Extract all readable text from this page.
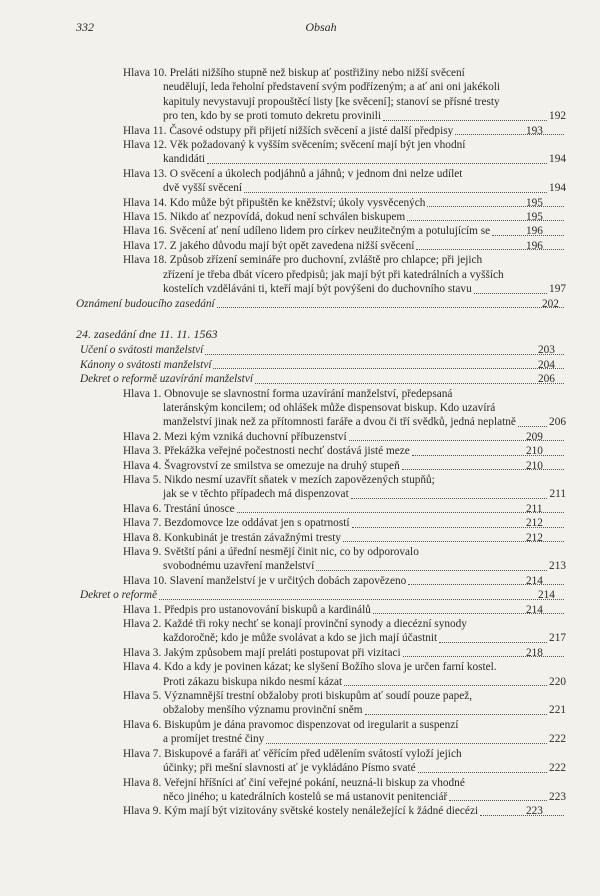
332	Obsah
Hlava 10. Preláti nižšího stupně než biskup ať postřižiny nebo nižší svěcení
neudělují, leda řeholní představení svým podřízeným; a ať ani oni jakékoli
kapituly nevystavují propouštěcí listy [ke svěcení]; stanoví se přísné tresty
pro ten, kdo by se proti tomuto dekretu provinili	192
Hlava 11. Časové odstupy při přijetí nižších svěcení a jisté další předpisy	193
Hlava 12. Věk požadovaný k vyšším svěcením; svěcení mají být jen vhodní
kandidáti	194
Hlava 13. O svěcení a úkolech podjáhnů a jáhnů; v jednom dni nelze udílet
dvě vyšší svěcení	194
Hlava 14. Kdo může být připuštěn ke kněžství; úkoly vysvěcených	195
Hlava 15. Nikdo ať nezpovídá, dokud není schválen biskupem	195
Hlava 16. Svěcení ať není udíleno lidem pro církev neužitečným a potulujícím se	196
Hlava 17. Z jakého důvodu mají být opět zavedena nižší svěcení	196
Hlava 18. Způsob zřízení semináře pro duchovní, zvláště pro chlapce; při jejich
zřízení je třeba dbát vícero předpisů; jak mají být při katedrálních a vyšších
kostelích vzděláváni ti, kteří mají být povýšeni do duchovního stavu	197
Oznámení budoucího zasedání	202
24. zasedání dne 11. 11. 1563
Učení o svátosti manželství	203
Kánony o svátosti manželství	204
Dekret o reformě uzavírání manželství	206
Hlava 1. Obnovuje se slavnostní forma uzavírání manželství, předepsaná
lateránským koncilem; od ohlášek může dispensovat biskup. Kdo uzavírá
manželství jinak než za přítomnosti faráře a dvou či tří svědků, jedná neplatně	206
Hlava 2. Mezi kým vzniká duchovní příbuzenství	209
Hlava 3. Překážka veřejné počestnosti nechť dostává jisté meze	210
Hlava 4. Švagrovství ze smilstva se omezuje na druhý stupeň	210
Hlava 5. Nikdo nesmí uzavřít sňatek v mezích zapovězených stupňů;
jak se v těchto případech má dispenzovat	211
Hlava 6. Trestání únosce	211
Hlava 7. Bezdomovce lze oddávat jen s opatrností	212
Hlava 8. Konkubinát je trestán závažnými tresty	212
Hlava 9. Světští páni a úřední nesmějí činit nic, co by odporovalo
svobodnému uzavření manželství	213
Hlava 10. Slavení manželství je v určitých dobách zapovězeno	214
Dekret o reformě	214
Hlava 1. Předpis pro ustanovování biskupů a kardinálů	214
Hlava 2. Každé tři roky nechť se konají provinční synody a diecézní synody
každoročně; kdo je může svolávat a kdo se jich mají účastnit	217
Hlava 3. Jakým způsobem mají preláti postupovat při vizitaci	218
Hlava 4. Kdo a kdy je povinen kázat; ke slyšení Božího slova je určen farní kostel.
Proti zákazu biskupa nikdo nesmí kázat	220
Hlava 5. Významnější trestní obžaloby proti biskupům ať soudí pouze papež,
obžaloby menšího významu provinční sněm	221
Hlava 6. Biskupům je dána pravomoc dispenzovat od iregularit a suspenzí
a promíjet trestné činy	222
Hlava 7. Biskupové a faráři ať věřícím před udělením svátostí vyloží jejich
účinky; při mešní slavnosti ať je vykládáno Písmo svaté	222
Hlava 8. Veřejní hříšníci ať činí veřejné pokání, neuzná-li biskup za vhodné
něco jiného; u katedrálních kostelů se má ustanovit penitenciář	223
Hlava 9. Kým mají být vizitovány světské kostely nenáležející k žádné diecézi	223
